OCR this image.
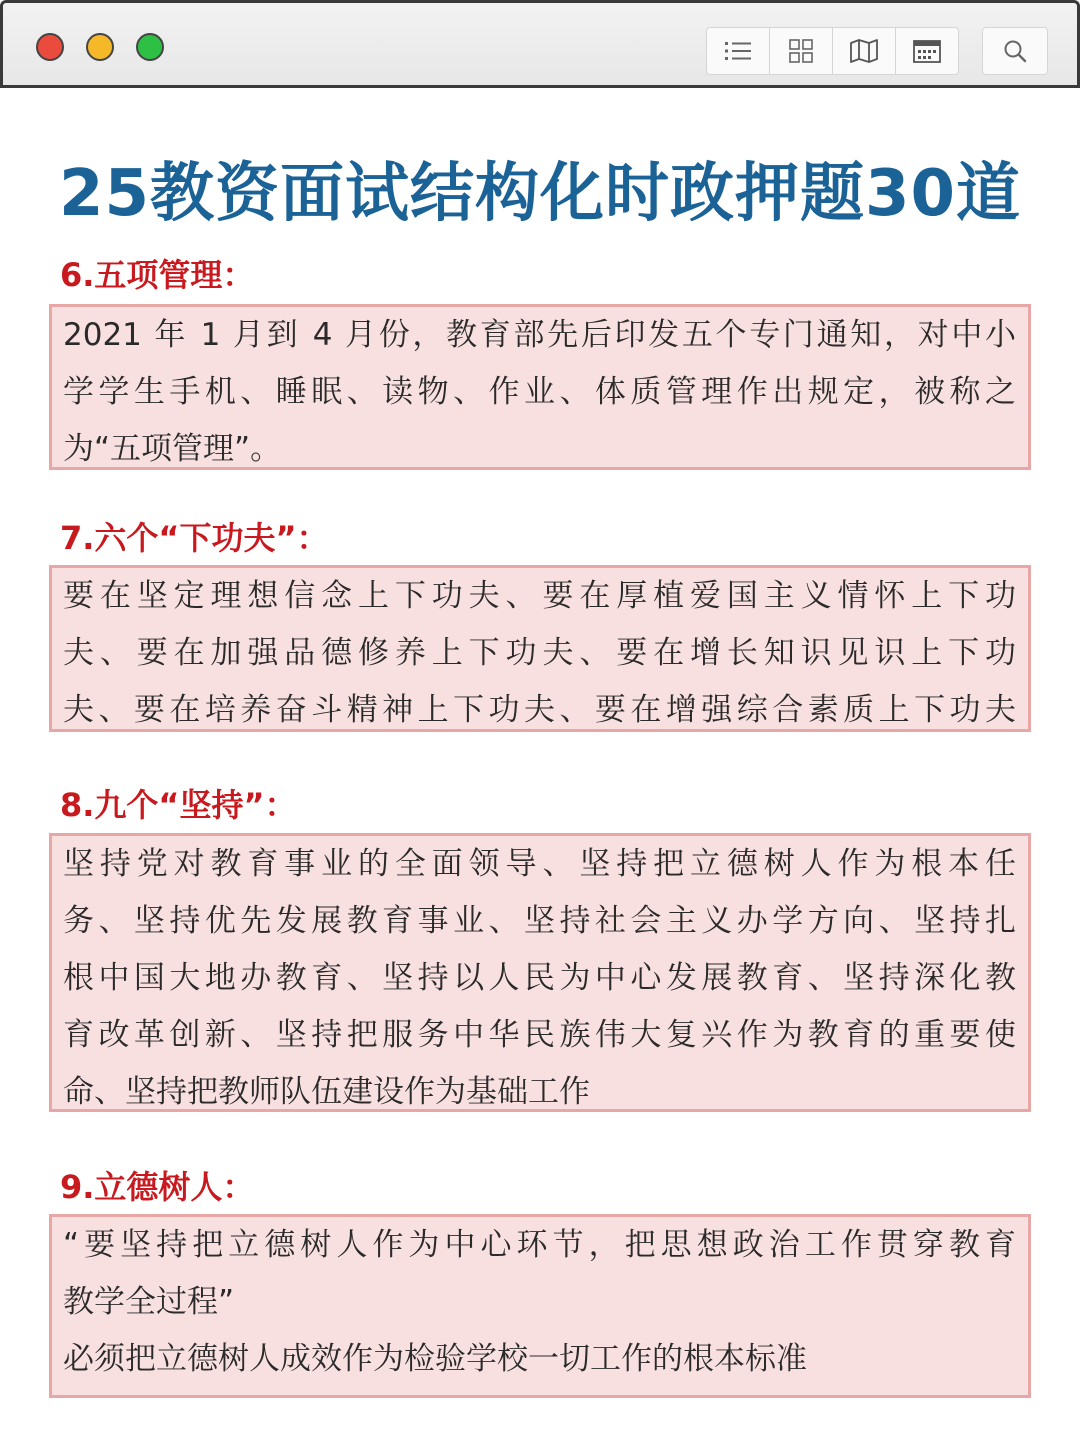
25教资面试结构化时政押题30道
6.五项管理：
2021 年 1 月到 4 月份，教育部先后印发五个专门通知，对中小
学学生手机、睡眠、读物、作业、体质管理作出规定，被称之
为“五项管理”。
7.六个“下功夫”：
要在坚定理想信念上下功夫、要在厚植爱国主义情怀上下功
夫、要在加强品德修养上下功夫、要在增长知识见识上下功
夫、要在培养奋斗精神上下功夫、要在增强综合素质上下功夫
8.九个“坚持”：
坚持党对教育事业的全面领导、坚持把立德树人作为根本任
务、坚持优先发展教育事业、坚持社会主义办学方向、坚持扎
根中国大地办教育、坚持以人民为中心发展教育、坚持深化教
育改革创新、坚持把服务中华民族伟大复兴作为教育的重要使
命、坚持把教师队伍建设作为基础工作
9.立德树人：
“要坚持把立德树人作为中心环节，把思想政治工作贯穿教育
教学全过程”
必须把立德树人成效作为检验学校一切工作的根本标准
